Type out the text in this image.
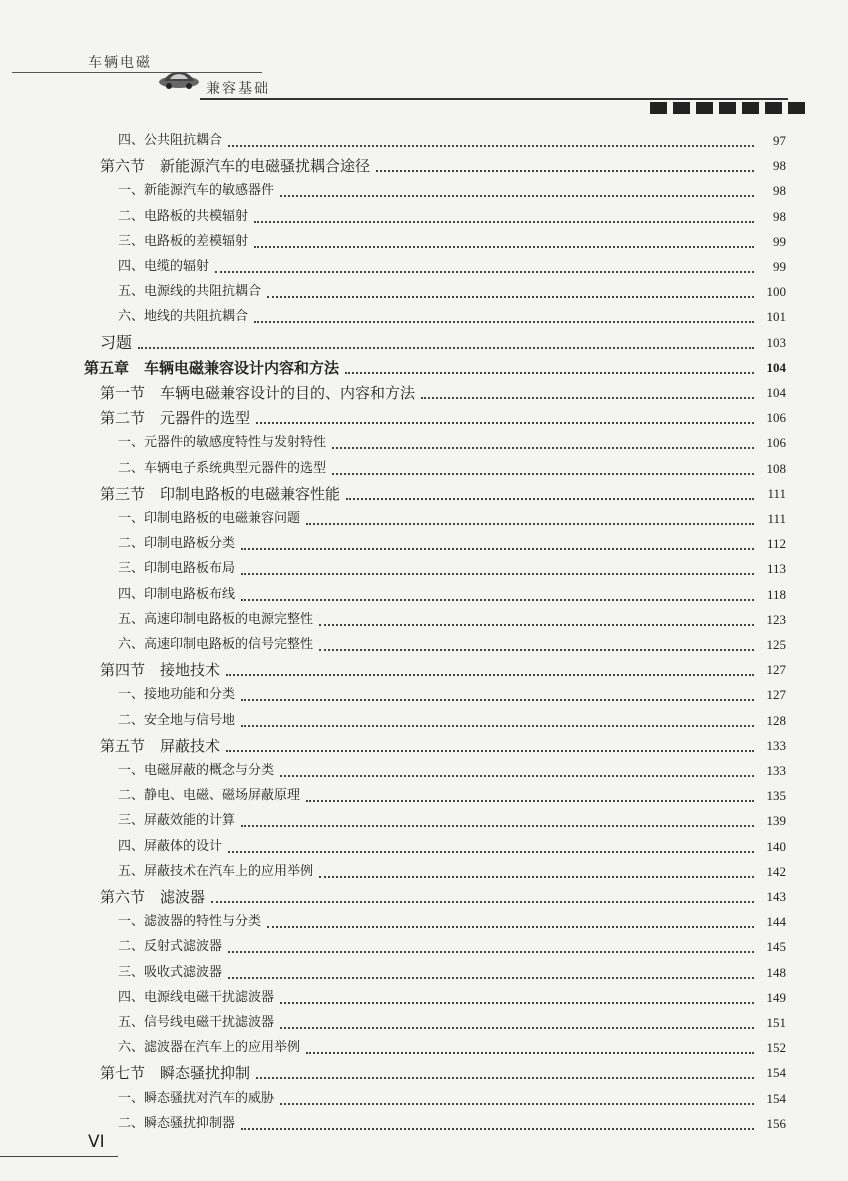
车辆电磁
兼容基础
四、公共阻抗耦合	97
第六节　新能源汽车的电磁骚扰耦合途径	98
一、新能源汽车的敏感器件	98
二、电路板的共模辐射	98
三、电路板的差模辐射	99
四、电缆的辐射	99
五、电源线的共阻抗耦合	100
六、地线的共阻抗耦合	101
习题	103
第五章　车辆电磁兼容设计内容和方法	104
第一节　车辆电磁兼容设计的目的、内容和方法	104
第二节　元器件的选型	106
一、元器件的敏感度特性与发射特性	106
二、车辆电子系统典型元器件的选型	108
第三节　印制电路板的电磁兼容性能	111
一、印制电路板的电磁兼容问题	111
二、印制电路板分类	112
三、印制电路板布局	113
四、印制电路板布线	118
五、高速印制电路板的电源完整性	123
六、高速印制电路板的信号完整性	125
第四节　接地技术	127
一、接地功能和分类	127
二、安全地与信号地	128
第五节　屏蔽技术	133
一、电磁屏蔽的概念与分类	133
二、静电、电磁、磁场屏蔽原理	135
三、屏蔽效能的计算	139
四、屏蔽体的设计	140
五、屏蔽技术在汽车上的应用举例	142
第六节　滤波器	143
一、滤波器的特性与分类	144
二、反射式滤波器	145
三、吸收式滤波器	148
四、电源线电磁干扰滤波器	149
五、信号线电磁干扰滤波器	151
六、滤波器在汽车上的应用举例	152
第七节　瞬态骚扰抑制	154
一、瞬态骚扰对汽车的威胁	154
二、瞬态骚扰抑制器	156
VI
